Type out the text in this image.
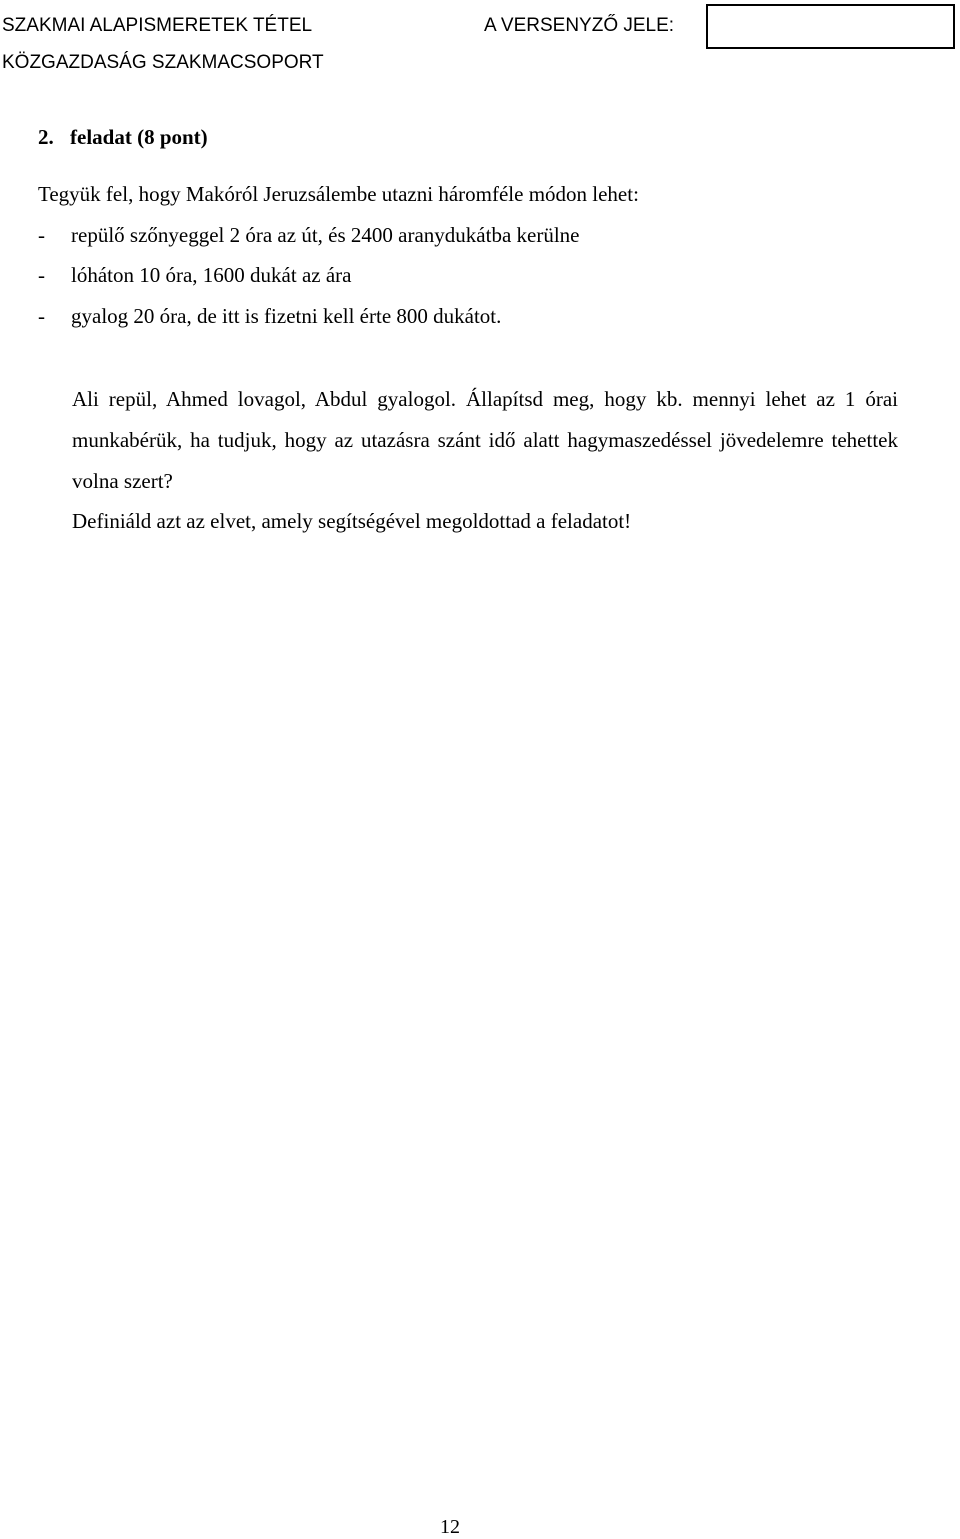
SZAKMAI ALAPISMERETEK TÉTEL
KÖZGAZDASÁG SZAKMACSOPORT
A VERSENYZŐ JELE:
2. feladat (8 pont)
Tegyük fel, hogy Makóról Jeruzsálembe utazni háromféle módon lehet:
- repülő szőnyeggel 2 óra az út, és 2400 aranydukátba kerülne
- lóháton 10 óra, 1600 dukát az ára
- gyalog 20 óra, de itt is fizetni kell érte 800 dukátot.
Ali repül, Ahmed lovagol, Abdul gyalogol. Állapítsd meg, hogy kb. mennyi lehet az 1 órai munkabérük, ha tudjuk, hogy az utazásra szánt idő alatt hagymaszedéssel jövedelemre tehettek volna szert?
Definiáld azt az elvet, amely segítségével megoldottad a feladatot!
12
